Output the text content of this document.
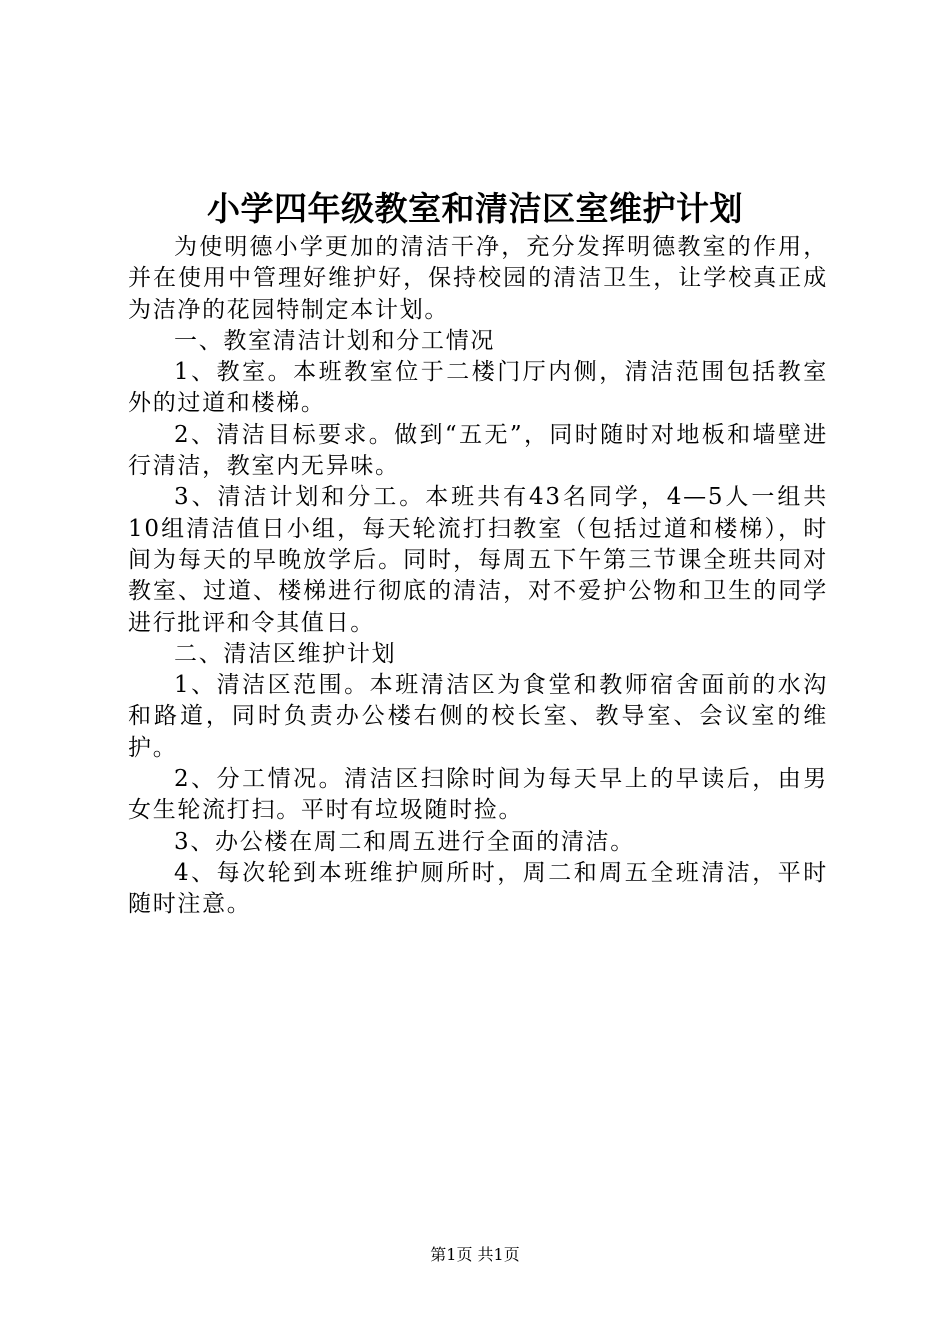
小学四年级教室和清洁区室维护计划

为使明德小学更加的清洁干净，充分发挥明德教室的作用，并在使用中管理好维护好，保持校园的清洁卫生，让学校真正成为洁净的花园特制定本计划。

一、教室清洁计划和分工情况

1、教室。本班教室位于二楼门厅内侧，清洁范围包括教室外的过道和楼梯。

2、清洁目标要求。做到“五无”，同时随时对地板和墙壁进行清洁，教室内无异味。

3、清洁计划和分工。本班共有43名同学，4—5人一组共10组清洁值日小组，每天轮流打扫教室（包括过道和楼梯），时间为每天的早晚放学后。同时，每周五下午第三节课全班共同对教室、过道、楼梯进行彻底的清洁，对不爱护公物和卫生的同学进行批评和令其值日。

二、清洁区维护计划

1、清洁区范围。本班清洁区为食堂和教师宿舍面前的水沟和路道，同时负责办公楼右侧的校长室、教导室、会议室的维护。

2、分工情况。清洁区扫除时间为每天早上的早读后，由男女生轮流打扫。平时有垃圾随时捡。

3、办公楼在周二和周五进行全面的清洁。

4、每次轮到本班维护厕所时，周二和周五全班清洁，平时随时注意。

第1页 共1页
